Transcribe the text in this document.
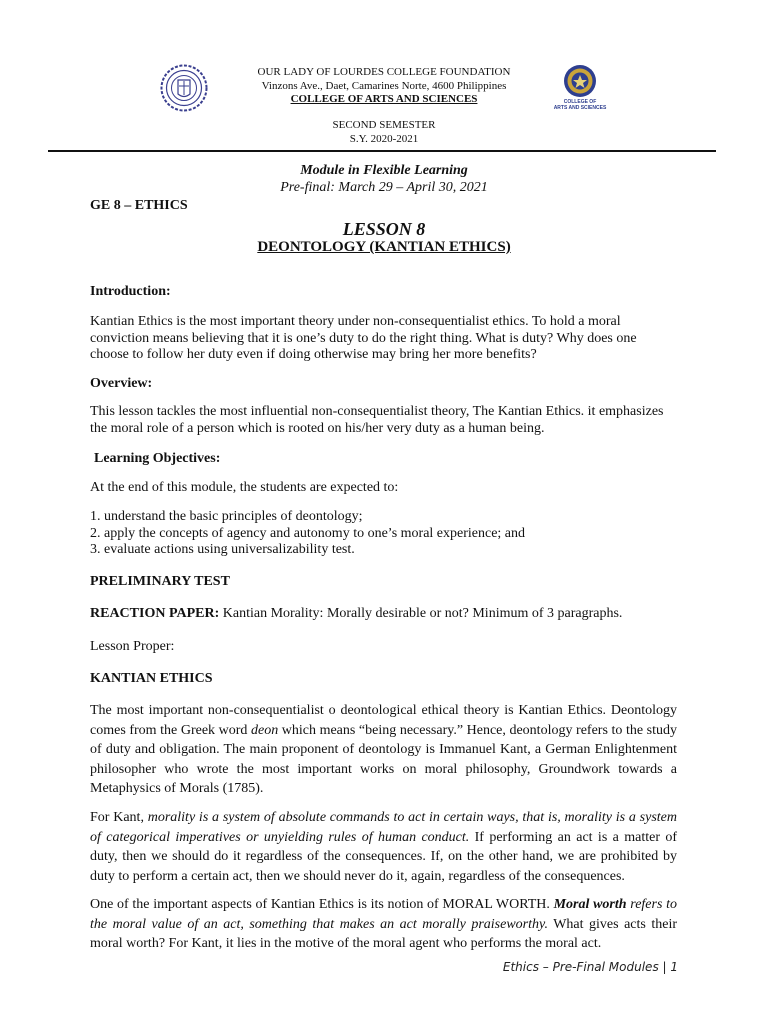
COLLEGE OF
ARTS AND SCIENCES
OUR LADY OF LOURDES COLLEGE FOUNDATION
Vinzons Ave., Daet, Camarines Norte, 4600 Philippines
COLLEGE OF ARTS AND SCIENCES
SECOND SEMESTER
S.Y. 2020-2021
Module in Flexible Learning
Pre-final: March 29 – April 30, 2021
GE 8 – ETHICS
LESSON 8
DEONTOLOGY (KANTIAN ETHICS)
Introduction:
Kantian Ethics is the most important theory under non-consequentialist ethics. To hold a moral conviction means believing that it is one’s duty to do the right thing. What is duty? Why does one choose to follow her duty even if doing otherwise may bring her more benefits?
Overview:
This lesson tackles the most influential non-consequentialist theory, The Kantian Ethics. it emphasizes the moral role of a person which is rooted on his/her very duty as a human being.
Learning Objectives:
At the end of this module, the students are expected to:
1. understand the basic principles of deontology;
2. apply the concepts of agency and autonomy to one’s moral experience; and
3. evaluate actions using universalizability test.
PRELIMINARY TEST
REACTION PAPER: Kantian Morality: Morally desirable or not? Minimum of 3 paragraphs.
Lesson Proper:
KANTIAN ETHICS
The most important non-consequentialist o deontological ethical theory is Kantian Ethics. Deontology comes from the Greek word deon which means “being necessary.” Hence, deontology refers to the study of duty and obligation. The main proponent of deontology is Immanuel Kant, a German Enlightenment philosopher who wrote the most important works on moral philosophy, Groundwork towards a Metaphysics of Morals (1785).
For Kant, morality is a system of absolute commands to act in certain ways, that is, morality is a system of categorical imperatives or unyielding rules of human conduct. If performing an act is a matter of duty, then we should do it regardless of the consequences. If, on the other hand, we are prohibited by duty to perform a certain act, then we should never do it, again, regardless of the consequences.
One of the important aspects of Kantian Ethics is its notion of MORAL WORTH. Moral worth refers to the moral value of an act, something that makes an act morally praiseworthy. What gives acts their moral worth? For Kant, it lies in the motive of the moral agent who performs the moral act.
Ethics – Pre-Final Modules | 1
